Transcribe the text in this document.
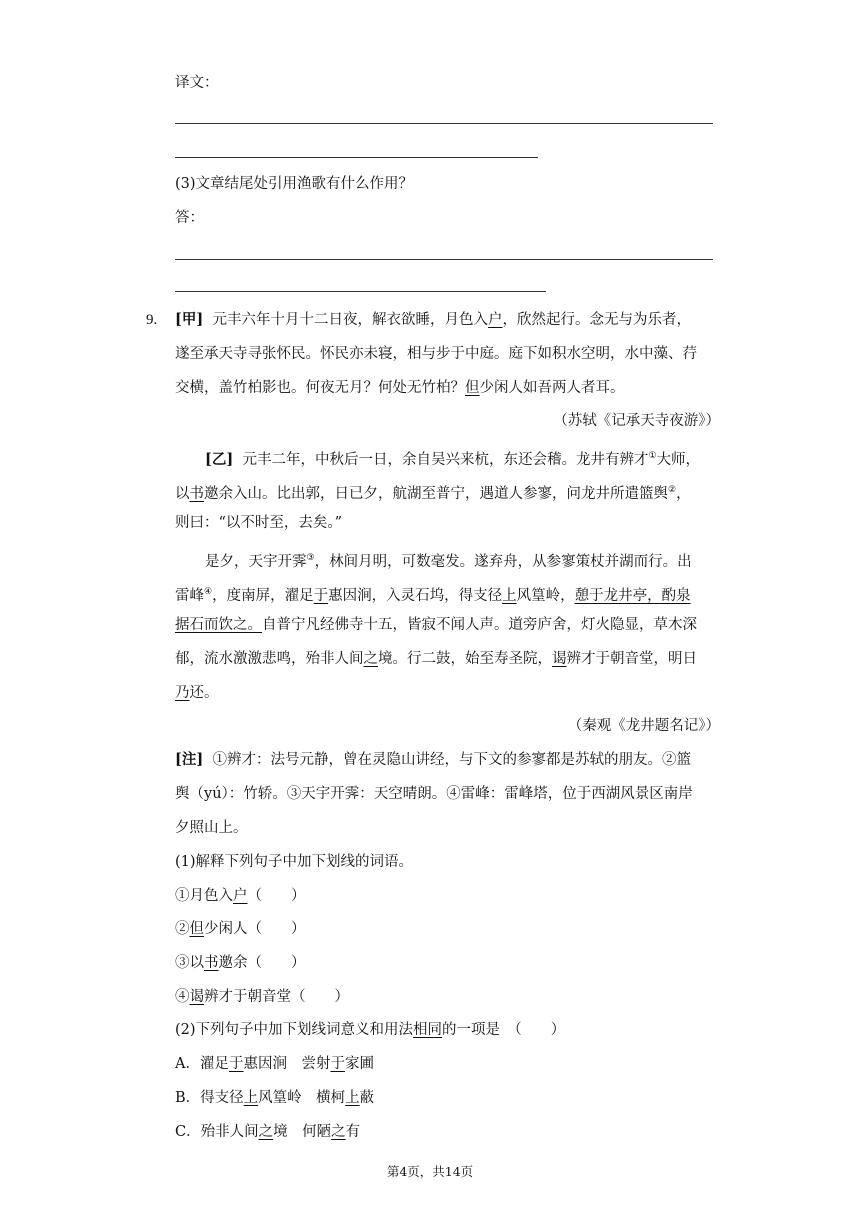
译文：
(3)文章结尾处引用渔歌有什么作用？
答：
9. [甲] 元丰六年十月十二日夜，解衣欲睡，月色入户，欣然起行。念无与为乐者，
遂至承天寺寻张怀民。怀民亦未寝，相与步于中庭。庭下如积水空明，水中藻、荇
交横，盖竹柏影也。何夜无月？何处无竹柏？但少闲人如吾两人者耳。
（苏轼《记承天寺夜游》）
[乙] 元丰二年，中秋后一日，余自吴兴来杭，东还会稽。龙井有辨才①大师，
以书邀余入山。比出郭，日已夕，航湖至普宁，遇道人参寥，问龙井所遣篮舆②，
则曰：“以不时至，去矣。”
是夕，天宇开霁③，林间月明，可数毫发。遂弃舟，从参寥策杖并湖而行。出
雷峰④，度南屏，濯足于惠因涧，入灵石坞，得支径上风篁岭，憩于龙井亭，酌泉
据石而饮之。自普宁凡经佛寺十五，皆寂不闻人声。道旁庐舍，灯火隐显，草木深
郁，流水激激悲鸣，殆非人间之境。行二鼓，始至寿圣院，谒辨才于朝音堂，明日
乃还。
（秦观《龙井题名记》）
[注] ①辨才：法号元静，曾在灵隐山讲经，与下文的参寥都是苏轼的朋友。②篮
舆（yú）：竹轿。③天宇开霁：天空晴朗。④雷峰：雷峰塔，位于西湖风景区南岸
夕照山上。
(1)解释下列句子中加下划线的词语。
①月色入户（　　）
②但少闲人（　　）
③以书邀余（　　）
④谒辨才于朝音堂（　　）
(2)下列句子中加下划线词意义和用法相同的一项是　（　　）
A．濯足于惠因涧　尝射于家圃
B．得支径上风篁岭　横柯上蔽
C．殆非人间之境　何陋之有
第4页，共14页
